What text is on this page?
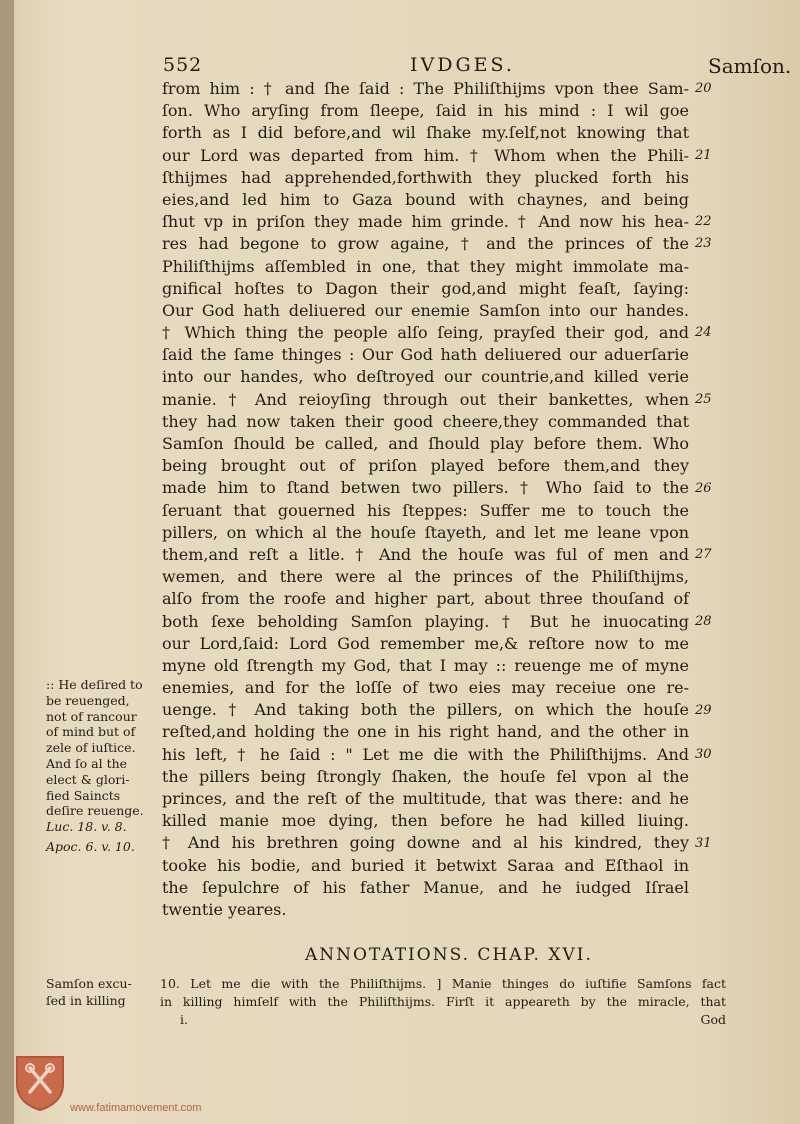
552	IVDGES.	Samſon.
from him : † and ſhe ſaid : The Philiſthijms vpon thee Sam-
ſon. Who aryſing from ſleepe, ſaid in his mind : I wil goe
forth as I did before,and wil ſhake my.ſelf,not knowing that
our Lord was departed from him. † Whom when the Phili-
ſthijmes had apprehended,forthwith they plucked forth his
eies,and led him to Gaza bound with chaynes, and being
ſhut vp in priſon they made him grinde. † And now his hea-
res had begone to grow againe, † and the princes of the
Philiſthijms aſſembled in one, that they might immolate ma-
gnifical hoſtes to Dagon their god,and might feaſt, ſaying:
Our God hath deliuered our enemie Samſon into our handes.
† Which thing the people alſo ſeing, prayſed their god, and
ſaid the ſame thinges : Our God hath deliuered our aduerſarie
into our handes, who deſtroyed our countrie,and killed verie
manie. † And reioyſing through out their bankettes, when
they had now taken their good cheere,they commanded that
Samſon ſhould be called, and ſhould play before them. Who
being brought out of priſon played before them,and they
made him to ſtand betwen two pillers. † Who ſaid to the
ſeruant that gouerned his ſteppes: Suffer me to touch the
pillers, on which al the houſe ſtayeth, and let me leane vpon
them,and reſt a litle. † And the houſe was ful of men and
wemen, and there were al the princes of the Philiſthijms,
alſo from the roofe and higher part, about three thouſand of
both ſexe beholding Samſon playing. † But he inuocating
our Lord,ſaid: Lord God remember me,& reſtore now to me
myne old ſtrength my God, that I may :: reuenge me of myne
enemies, and for the loſſe of two eies may receiue one re-
uenge. † And taking both the pillers, on which the houſe
reſted,and holding the one in his right hand, and the other in
his left, † he ſaid : " Let me die with the Philiſthijms. And
the pillers being ſtrongly ſhaken, the houſe fel vpon al the
princes, and the reſt of the multitude, that was there: and he
killed manie moe dying, then before he had killed liuing.
† And his brethren going downe and al his kindred, they
tooke his bodie, and buried it betwixt Saraa and Eſthaol in
the ſepulchre of his father Manue, and he iudged Iſrael
twentie yeares.
20
21
22
23
24
25
26
27
28
29
30
31
:: He deſired to
be reuenged,
not of rancour
of mind but of
zele of iuſtice.
And ſo al the
elect & glori-
fied Saincts
deſire reuenge.
Luc. 18. v. 8.
Apoc. 6. v. 10.
ANNOTATIONS. CHAP. XVI.
Samſon excu-
ſed in killing
10. Let me die with the Philiſthijms. ] Manie thinges do iuſtifie Samſons fact
in killing himſelf with the Philiſthijms. Firſt it appeareth by the miracle, that
i.	God
www.fatimamovement.com
